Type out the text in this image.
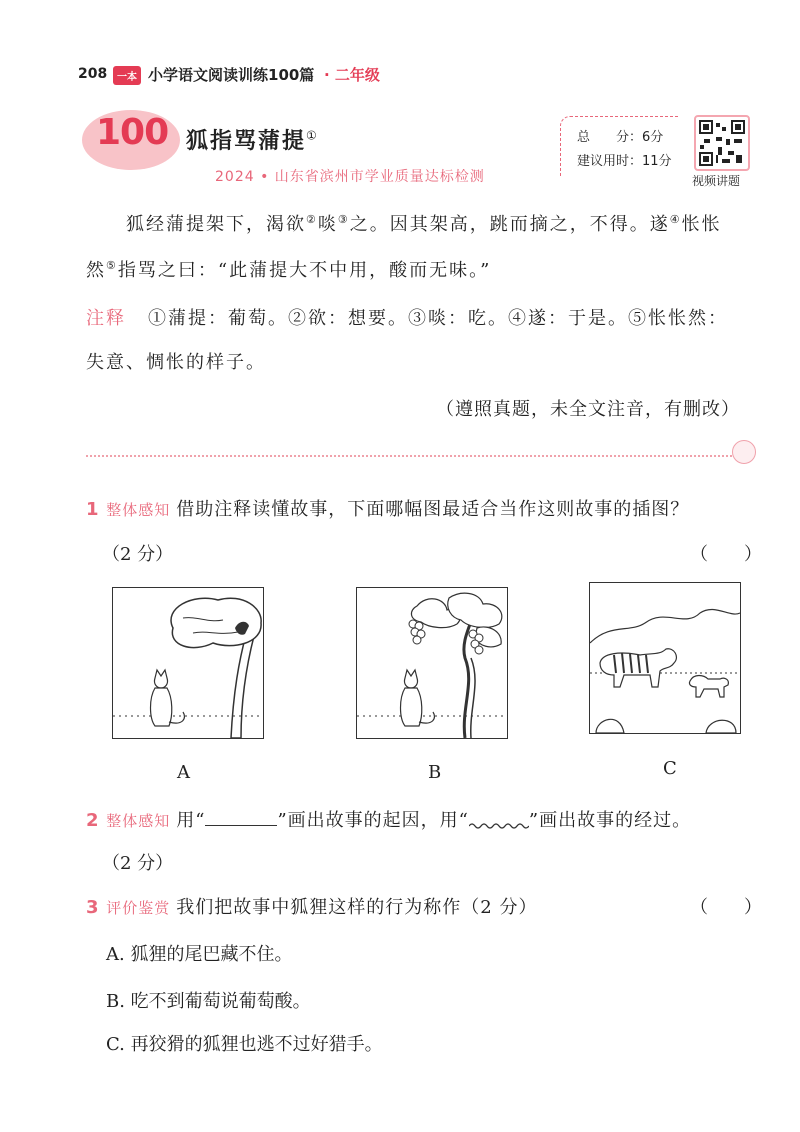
208 一本 小学语文阅读训练100篇 · 二年级
100 狐指骂蒲提①
2024 • 山东省滨州市学业质量达标检测
总　　分：6分
建议用时：11分
视频讲题
狐经蒲提架下，渴欲②啖③之。因其架高，跳而摘之，不得。遂④怅怅
然⑤指骂之曰：“此蒲提大不中用，酸而无味。”
注释 ①蒲提：葡萄。②欲：想要。③啖：吃。④遂：于是。⑤怅怅然：
失意、惆怅的样子。
（遵照真题，未全文注音，有删改）
1 整体感知 借助注释读懂故事，下面哪幅图最适合当作这则故事的插图？
（2 分）	（　　）
A	B	C
2 整体感知 用“	”画出故事的起因，用“	”画出故事的经过。
（2 分）
3 评价鉴赏 我们把故事中狐狸这样的行为称作（2 分）	（　　）
A. 狐狸的尾巴藏不住。
B. 吃不到葡萄说葡萄酸。
C. 再狡猾的狐狸也逃不过好猎手。
